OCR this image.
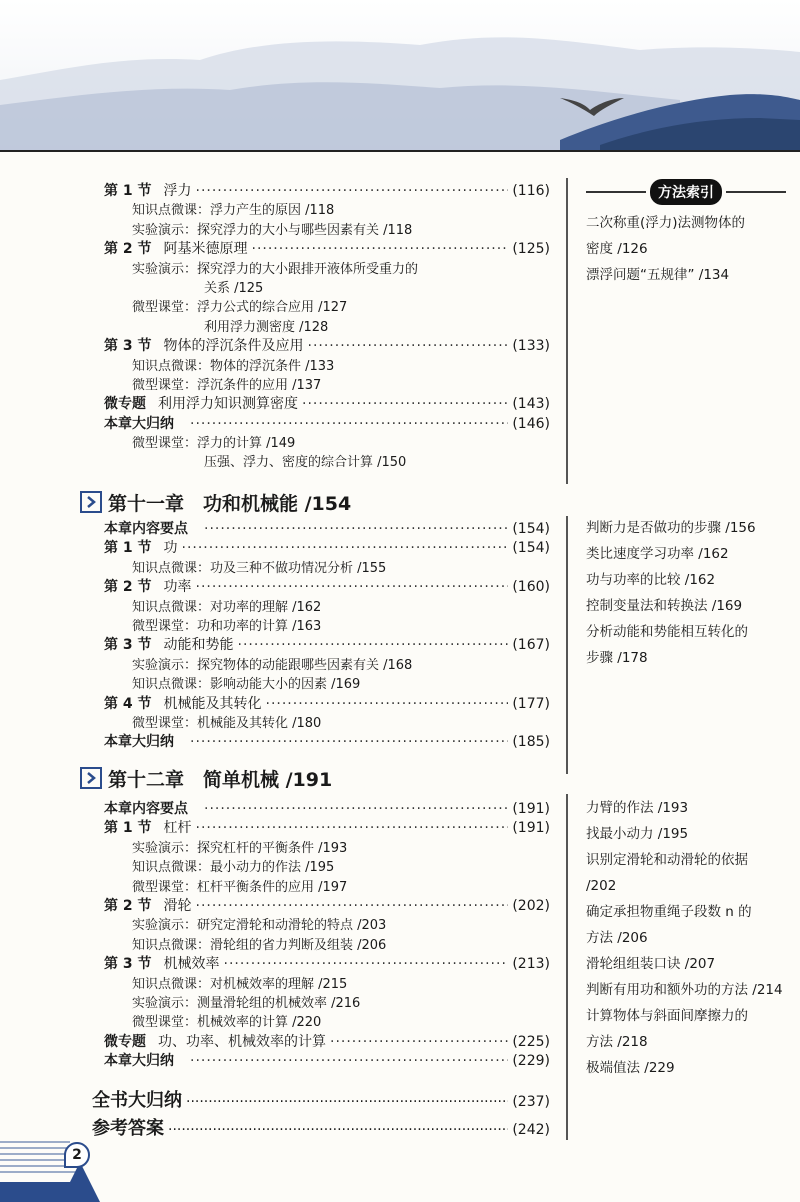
方法索引
第 1 节 浮力 ·····	(116)
知识点微课：浮力产生的原因 /118
实验演示：探究浮力的大小与哪些因素有关 /118
第 2 节 阿基米德原理 ·····	(125)
实验演示：探究浮力的大小跟排开液体所受重力的
关系 /125
微型课堂：浮力公式的综合应用 /127
利用浮力测密度 /128
第 3 节 物体的浮沉条件及应用 ·····	(133)
知识点微课：物体的浮沉条件 /133
微型课堂：浮沉条件的应用 /137
微专题 利用浮力知识测算密度 ·····	(143)
本章大归纳 ·····	(146)
微型课堂：浮力的计算 /149
压强、浮力、密度的综合计算 /150
二次称重(浮力)法测物体的
密度 /126
漂浮问题“五规律” /134
第十一章　功和机械能 /154
本章内容要点 ·····	(154)
第 1 节 功 ·····	(154)
知识点微课：功及三种不做功情况分析 /155
第 2 节 功率 ·····	(160)
知识点微课：对功率的理解 /162
微型课堂：功和功率的计算 /163
第 3 节 动能和势能 ·····	(167)
实验演示：探究物体的动能跟哪些因素有关 /168
知识点微课：影响动能大小的因素 /169
第 4 节 机械能及其转化 ·····	(177)
微型课堂：机械能及其转化 /180
本章大归纳 ·····	(185)
判断力是否做功的步骤 /156
类比速度学习功率 /162
功与功率的比较 /162
控制变量法和转换法 /169
分析动能和势能相互转化的
步骤 /178
第十二章　简单机械 /191
本章内容要点 ·····	(191)
第 1 节 杠杆 ·····	(191)
实验演示：探究杠杆的平衡条件 /193
知识点微课：最小动力的作法 /195
微型课堂：杠杆平衡条件的应用 /197
第 2 节 滑轮 ·····	(202)
实验演示：研究定滑轮和动滑轮的特点 /203
知识点微课：滑轮组的省力判断及组装 /206
第 3 节 机械效率 ·····	(213)
知识点微课：对机械效率的理解 /215
实验演示：测量滑轮组的机械效率 /216
微型课堂：机械效率的计算 /220
微专题 功、功率、机械效率的计算 ·····	(225)
本章大归纳 ·····	(229)
力臂的作法 /193
找最小动力 /195
识别定滑轮和动滑轮的依据
/202
确定承担物重绳子段数 n 的
方法 /206
滑轮组组装口诀 /207
判断有用功和额外功的方法 /214
计算物体与斜面间摩擦力的
方法 /218
极端值法 /229
全书大归纳 ·····	(237)
参考答案 ·····	(242)
2
